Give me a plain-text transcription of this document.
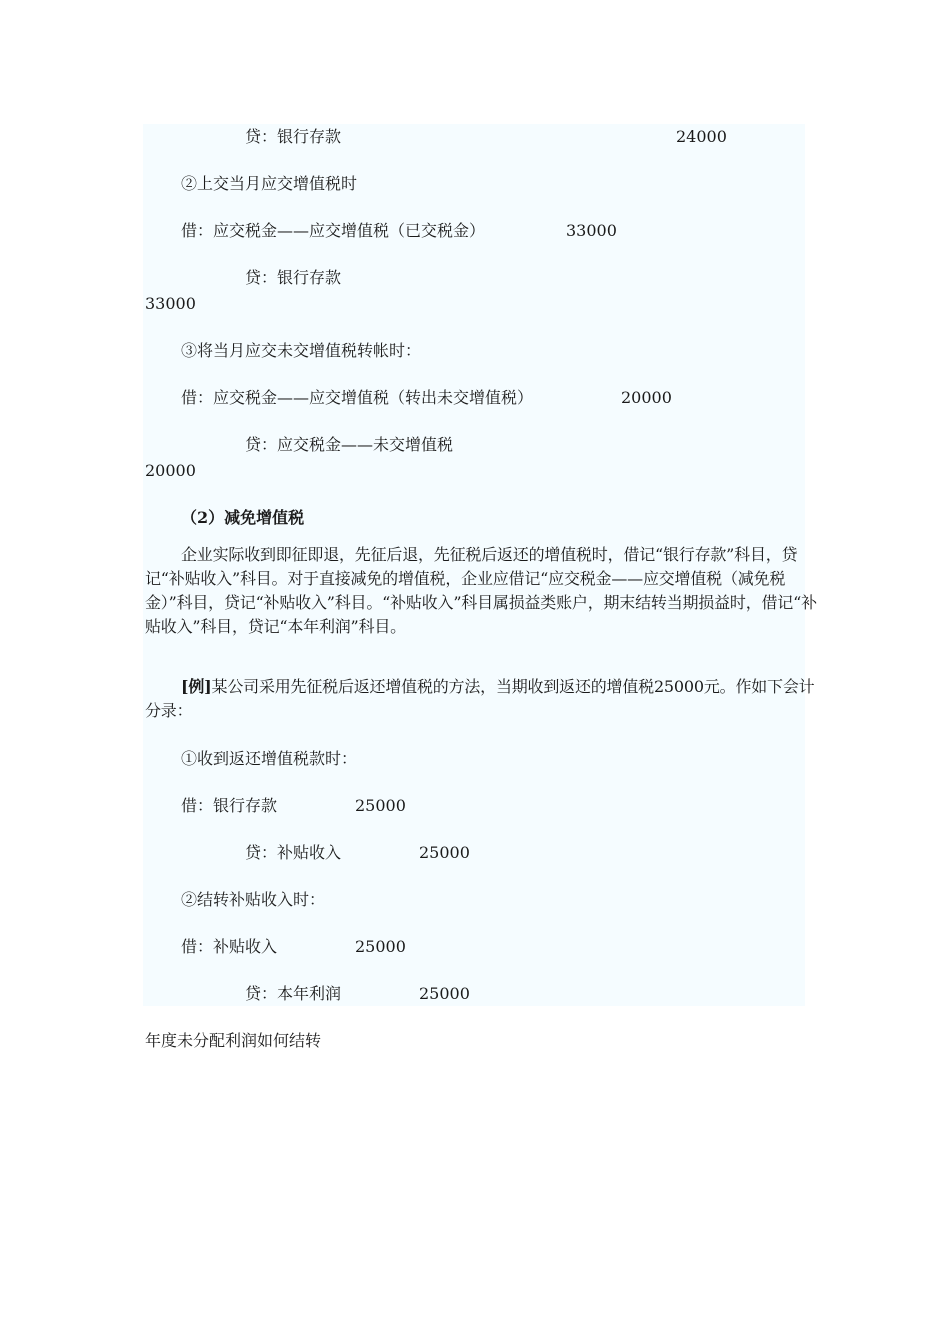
贷：银行存款	24000
②上交当月应交增值税时
借：应交税金——应交增值税（已交税金）	33000
贷：银行存款
33000
③将当月应交未交增值税转帐时：
借：应交税金——应交增值税（转出未交增值税）	20000
贷：应交税金——未交增值税
20000
（2）减免增值税

企业实际收到即征即退，先征后退，先征税后返还的增值税时，借记“银行存款”科目，贷记“补贴收入”科目。对于直接减免的增值税，企业应借记“应交税金——应交增值税（减免税金）”科目，贷记“补贴收入”科目。“补贴收入”科目属损益类账户，期末结转当期损益时，借记“补贴收入”科目，贷记“本年利润”科目。

[例]某公司采用先征税后返还增值税的方法，当期收到返还的增值税25000元。作如下会计分录：

①收到返还增值税款时：
借：银行存款	25000
贷：补贴收入	25000
②结转补贴收入时：
借：补贴收入	25000
贷：本年利润	25000
年度未分配利润如何结转
